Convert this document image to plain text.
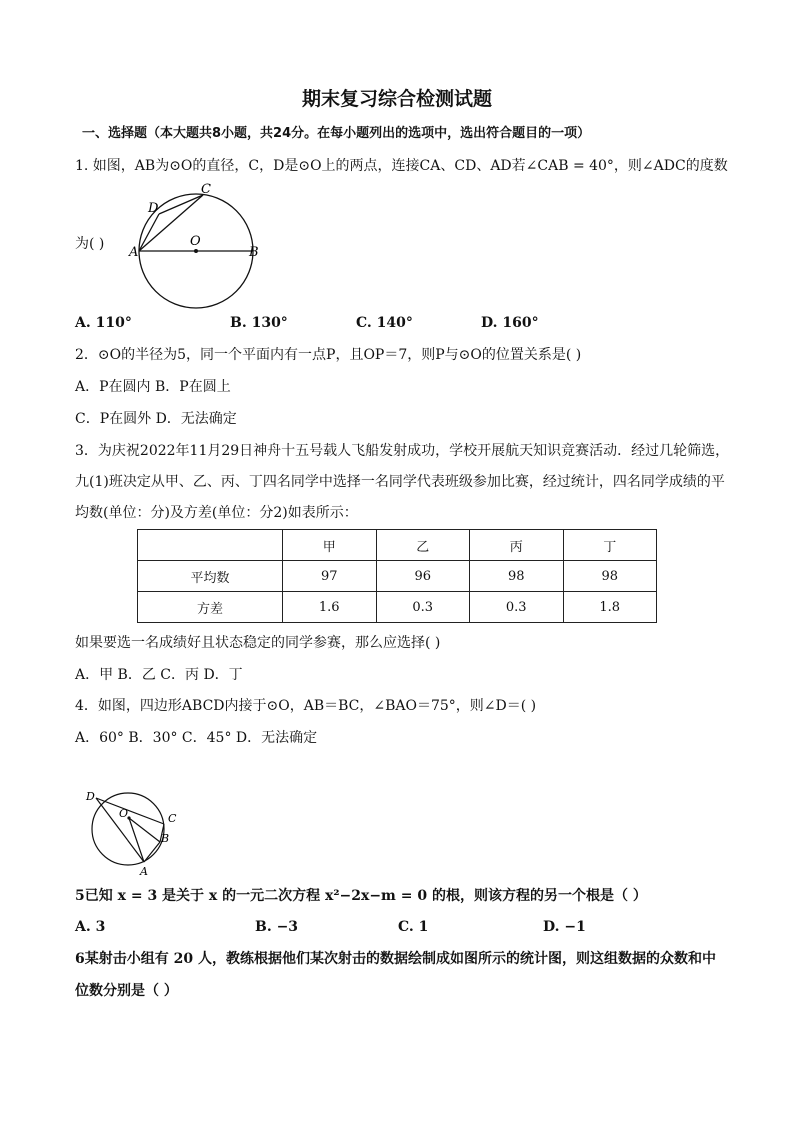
期末复习综合检测试题
一、选择题（本大题共8小题，共24分。在每小题列出的选项中，选出符合题目的一项）
1. 如图，AB为⊙O的直径，C，D是⊙O上的两点，连接CA、CD、AD若∠CAB = 40°，则∠ADC的度数
C
D
O
A	B
为( )
A. 110°	B. 130°	C. 140°	D. 160°
2．⊙O的半径为5，同一个平面内有一点P，且OP＝7，则P与⊙O的位置关系是( )
A．P在圆内 B．P在圆上
C．P在圆外 D．无法确定
3．为庆祝2022年11月29日神舟十五号载人飞船发射成功，学校开展航天知识竞赛活动．经过几轮筛选，
九(1)班决定从甲、乙、丙、丁四名同学中选择一名同学代表班级参加比赛，经过统计，四名同学成绩的平
均数(单位：分)及方差(单位：分2)如表所示：
	甲	乙	丙	丁
平均数	97	96	98	98
方差	1.6	0.3	0.3	1.8
如果要选一名成绩好且状态稳定的同学参赛，那么应选择( )
A．甲 B．乙 C．丙 D．丁
4．如图，四边形ABCD内接于⊙O，AB＝BC，∠BAO＝75°，则∠D＝( )
A．60° B．30° C．45° D．无法确定
D
O	C
B
A
5已知 x = 3 是关于 x 的一元二次方程 x²−2x−m = 0 的根，则该方程的另一个根是（ ）
A. 3	B. −3	C. 1	D. −1
6某射击小组有 20 人，教练根据他们某次射击的数据绘制成如图所示的统计图，则这组数据的众数和中
位数分别是（ ）
